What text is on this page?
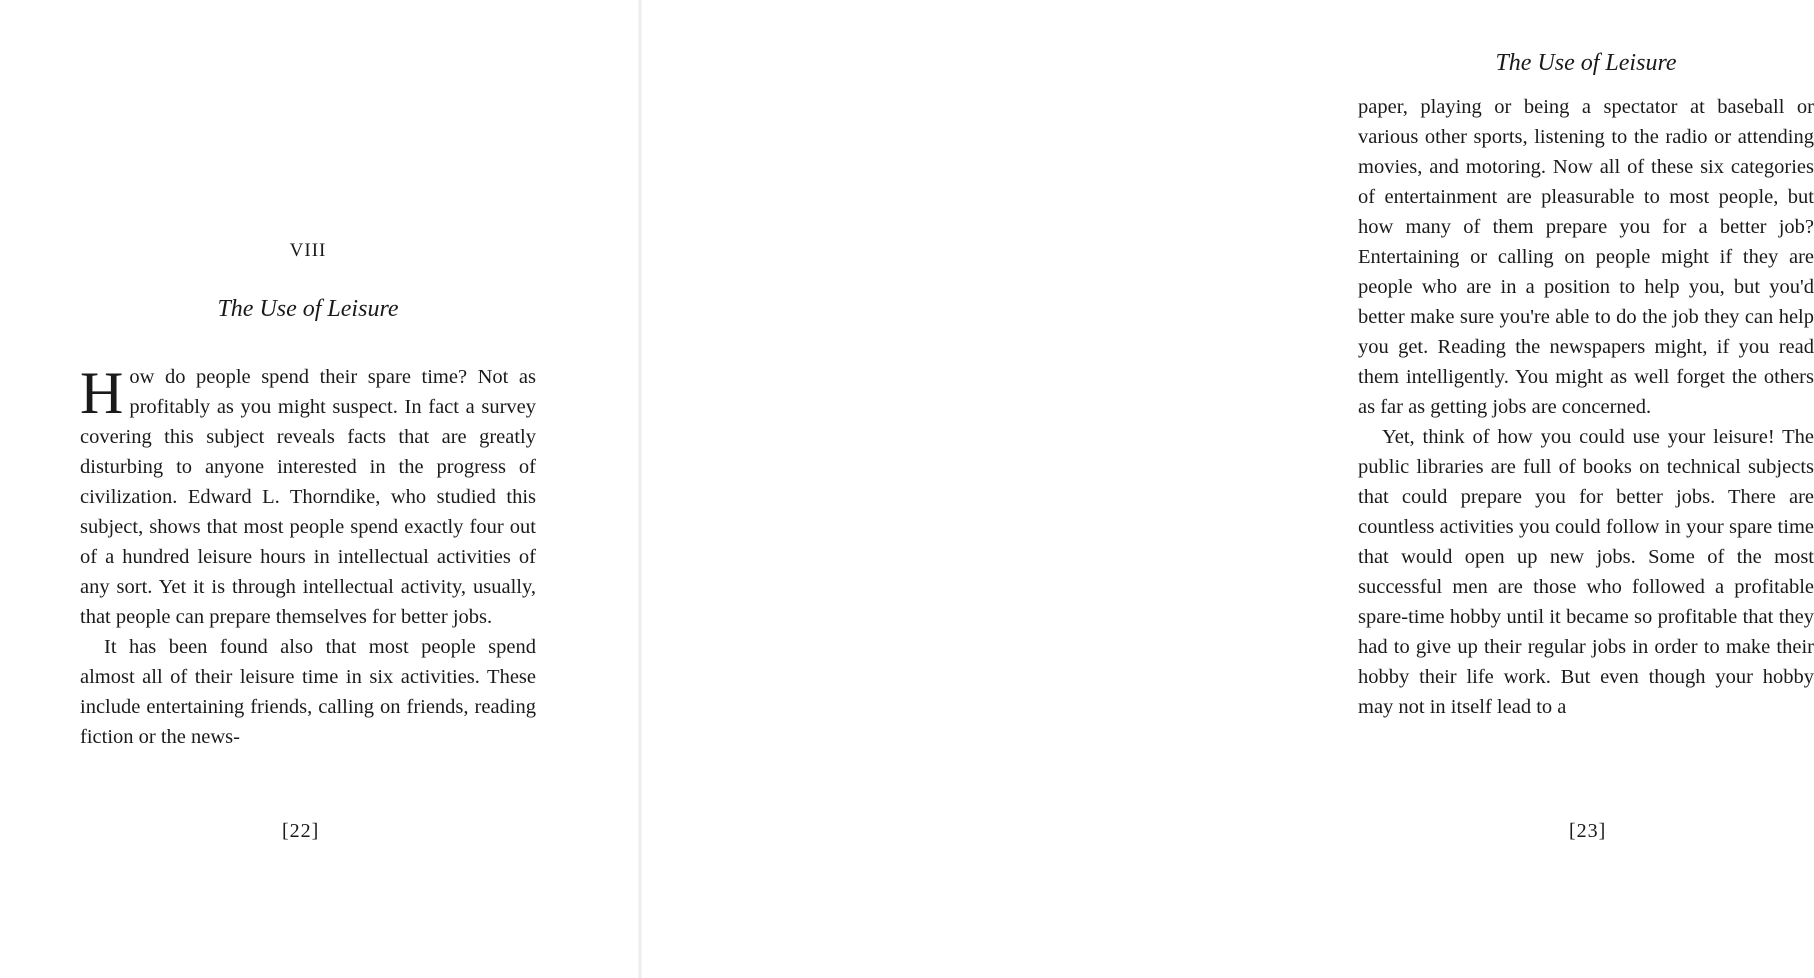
VIII
The Use of Leisure

How do people spend their spare time? Not as profitably as you might suspect. In fact a survey covering this subject reveals facts that are greatly disturbing to anyone interested in the progress of civilization. Edward L. Thorndike, who studied this subject, shows that most people spend exactly four out of a hundred leisure hours in intellectual activities of any sort. Yet it is through intellectual activity, usually, that people can prepare themselves for better jobs.

It has been found also that most people spend almost all of their leisure time in six activities. These include entertaining friends, calling on friends, reading fiction or the news-

[22]
The Use of Leisure

paper, playing or being a spectator at baseball or various other sports, listening to the radio or attending movies, and motoring. Now all of these six categories of entertainment are pleasurable to most people, but how many of them prepare you for a better job? Entertaining or calling on people might if they are people who are in a position to help you, but you'd better make sure you're able to do the job they can help you get. Reading the newspapers might, if you read them intelligently. You might as well forget the others as far as getting jobs are concerned.

Yet, think of how you could use your leisure! The public libraries are full of books on technical subjects that could prepare you for better jobs. There are countless activities you could follow in your spare time that would open up new jobs. Some of the most successful men are those who followed a profitable spare-time hobby until it became so profitable that they had to give up their regular jobs in order to make their hobby their life work. But even though your hobby may not in itself lead to a

[23]
